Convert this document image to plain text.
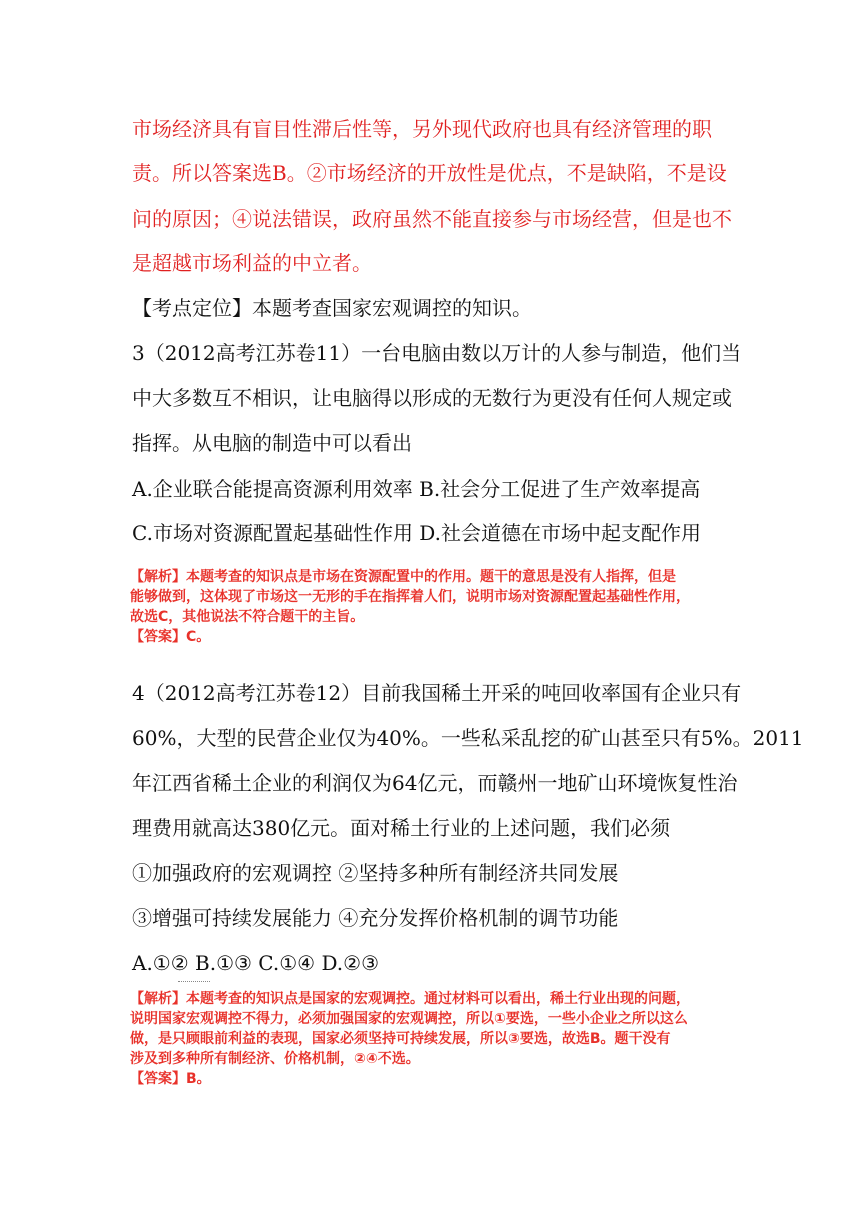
市场经济具有盲目性滞后性等，另外现代政府也具有经济管理的职
责。所以答案选B。②市场经济的开放性是优点，不是缺陷，不是设
问的原因；④说法错误，政府虽然不能直接参与市场经营，但是也不
是超越市场利益的中立者。
【考点定位】本题考查国家宏观调控的知识。
3（2012高考江苏卷11）一台电脑由数以万计的人参与制造，他们当
中大多数互不相识，让电脑得以形成的无数行为更没有任何人规定或
指挥。从电脑的制造中可以看出
A.企业联合能提高资源利用效率 B.社会分工促进了生产效率提高
C.市场对资源配置起基础性作用 D.社会道德在市场中起支配作用
【解析】本题考查的知识点是市场在资源配置中的作用。题干的意思是没有人指挥，但是
能够做到，这体现了市场这一无形的手在指挥着人们，说明市场对资源配置起基础性作用，
故选C，其他说法不符合题干的主旨。
【答案】C。
4（2012高考江苏卷12）目前我国稀土开采的吨回收率国有企业只有
60%，大型的民营企业仅为40%。一些私采乱挖的矿山甚至只有5%。2011
年江西省稀土企业的利润仅为64亿元，而赣州一地矿山环境恢复性治
理费用就高达380亿元。面对稀土行业的上述问题，我们必须
①加强政府的宏观调控 ②坚持多种所有制经济共同发展
③增强可持续发展能力 ④充分发挥价格机制的调节功能
A.①② B.①③ C.①④ D.②③
【解析】本题考查的知识点是国家的宏观调控。通过材料可以看出，稀土行业出现的问题，
说明国家宏观调控不得力，必须加强国家的宏观调控，所以①要选，一些小企业之所以这么
做，是只顾眼前利益的表现，国家必须坚持可持续发展，所以③要选，故选B。题干没有
涉及到多种所有制经济、价格机制，②④不选。
【答案】B。
